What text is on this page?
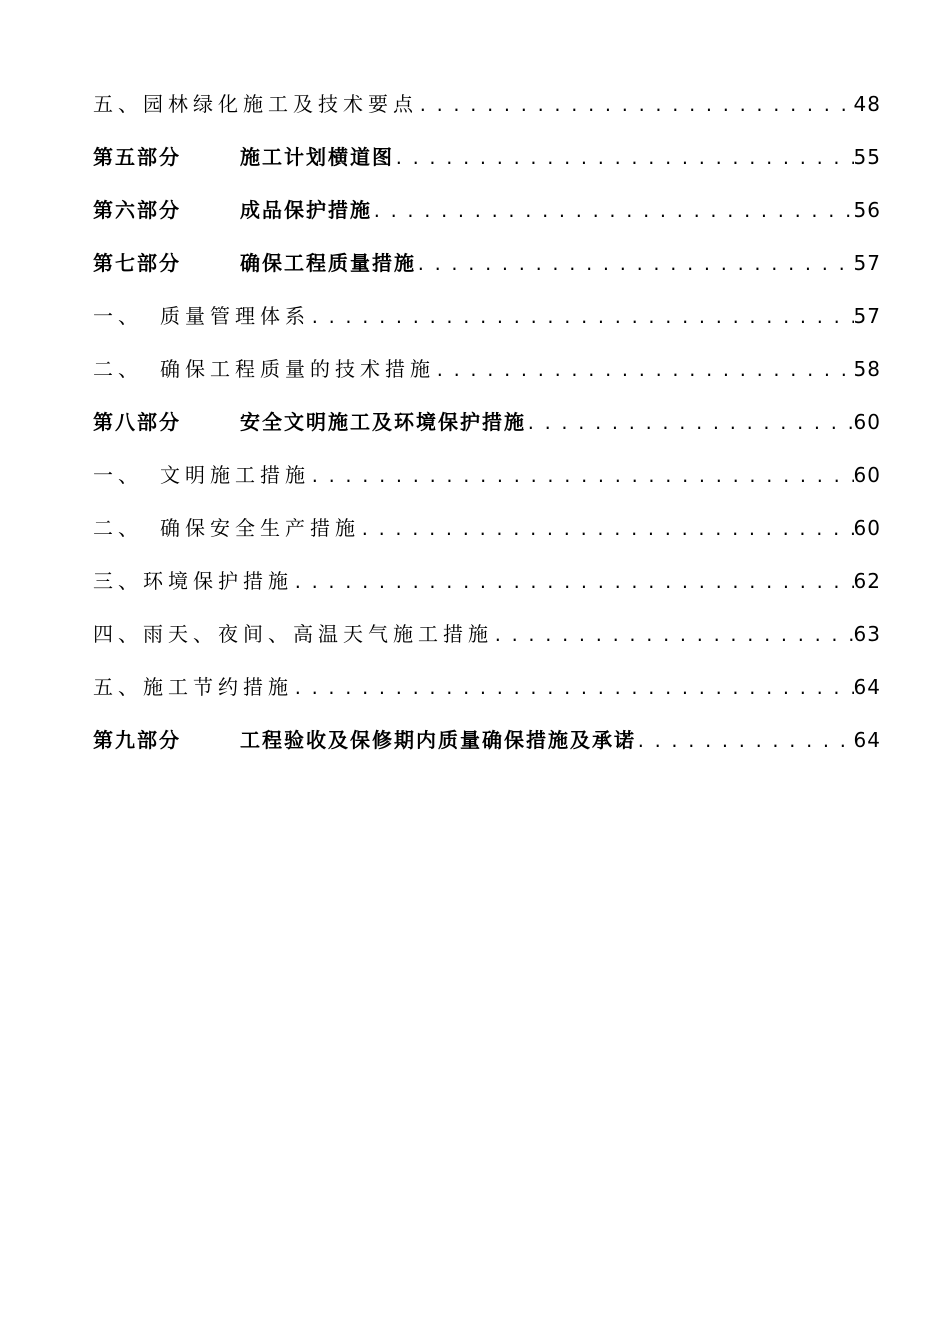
五、 园林绿化施工及技术要点 .....	48
第五部分	施工计划横道图 .....	55
第六部分	成品保护措施 .....	56
第七部分	确保工程质量措施 .....	57
一、 质量管理体系 .....	57
二、 确保工程质量的技术措施 .....	58
第八部分	安全文明施工及环境保护措施 .....	60
一、 文明施工措施 .....	60
二、 确保安全生产措施 .....	60
三、 环境保护措施 .....	62
四、 雨天、夜间、高温天气施工措施 .....	63
五、 施工节约措施 .....	64
第九部分	工程验收及保修期内质量确保措施及承诺 .....	64
